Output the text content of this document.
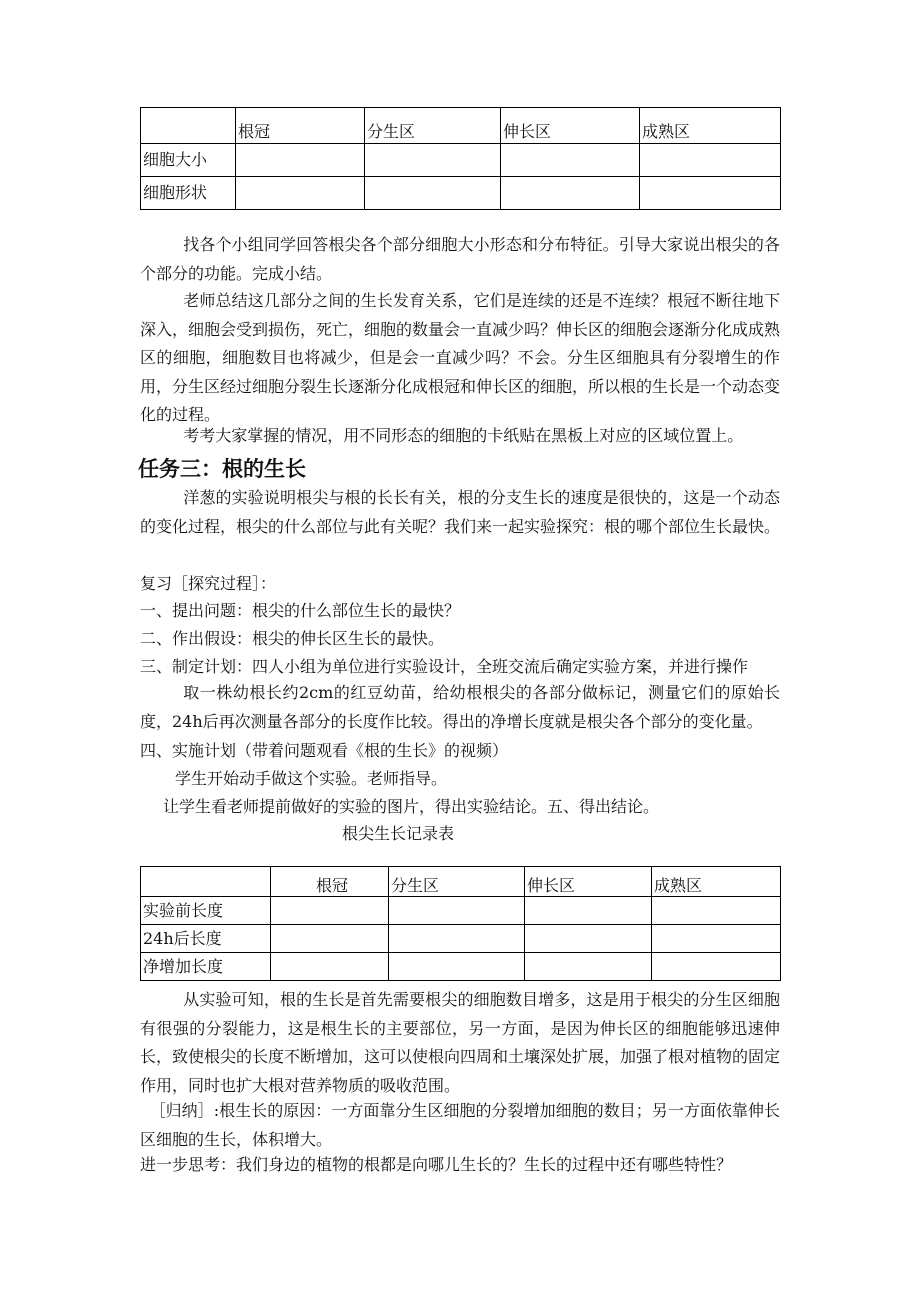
	根冠	分生区	伸长区	成熟区
细胞大小				
细胞形状				

找各个小组同学回答根尖各个部分细胞大小形态和分布特征。引导大家说出根尖的各个部分的功能。完成小结。

老师总结这几部分之间的生长发育关系，它们是连续的还是不连续？根冠不断往地下深入，细胞会受到损伤，死亡，细胞的数量会一直减少吗？伸长区的细胞会逐渐分化成成熟区的细胞，细胞数目也将减少，但是会一直减少吗？不会。分生区细胞具有分裂增生的作用，分生区经过细胞分裂生长逐渐分化成根冠和伸长区的细胞，所以根的生长是一个动态变化的过程。

考考大家掌握的情况，用不同形态的细胞的卡纸贴在黑板上对应的区域位置上。

任务三：根的生长

洋葱的实验说明根尖与根的长长有关，根的分支生长的速度是很快的，这是一个动态的变化过程，根尖的什么部位与此有关呢？我们来一起实验探究：根的哪个部位生长最快。

复习［探究过程］：

一、提出问题：根尖的什么部位生长的最快？

二、作出假设：根尖的伸长区生长的最快。

三、制定计划：四人小组为单位进行实验设计，全班交流后确定实验方案，并进行操作

取一株幼根长约2cm的红豆幼苗，给幼根根尖的各部分做标记，测量它们的原始长度，24h后再次测量各部分的长度作比较。得出的净增长度就是根尖各个部分的变化量。

四、实施计划（带着问题观看《根的生长》的视频）

学生开始动手做这个实验。老师指导。

让学生看老师提前做好的实验的图片，得出实验结论。五、得出结论。

根尖生长记录表

	根冠	分生区	伸长区	成熟区
实验前长度				
24h后长度				
净增加长度				

从实验可知，根的生长是首先需要根尖的细胞数目增多，这是用于根尖的分生区细胞有很强的分裂能力，这是根生长的主要部位，另一方面，是因为伸长区的细胞能够迅速伸长，致使根尖的长度不断增加，这可以使根向四周和土壤深处扩展，加强了根对植物的固定作用，同时也扩大根对营养物质的吸收范围。

［归纳］:根生长的原因：一方面靠分生区细胞的分裂增加细胞的数目；另一方面依靠伸长区细胞的生长，体积增大。

进一步思考：我们身边的植物的根都是向哪儿生长的？生长的过程中还有哪些特性？
